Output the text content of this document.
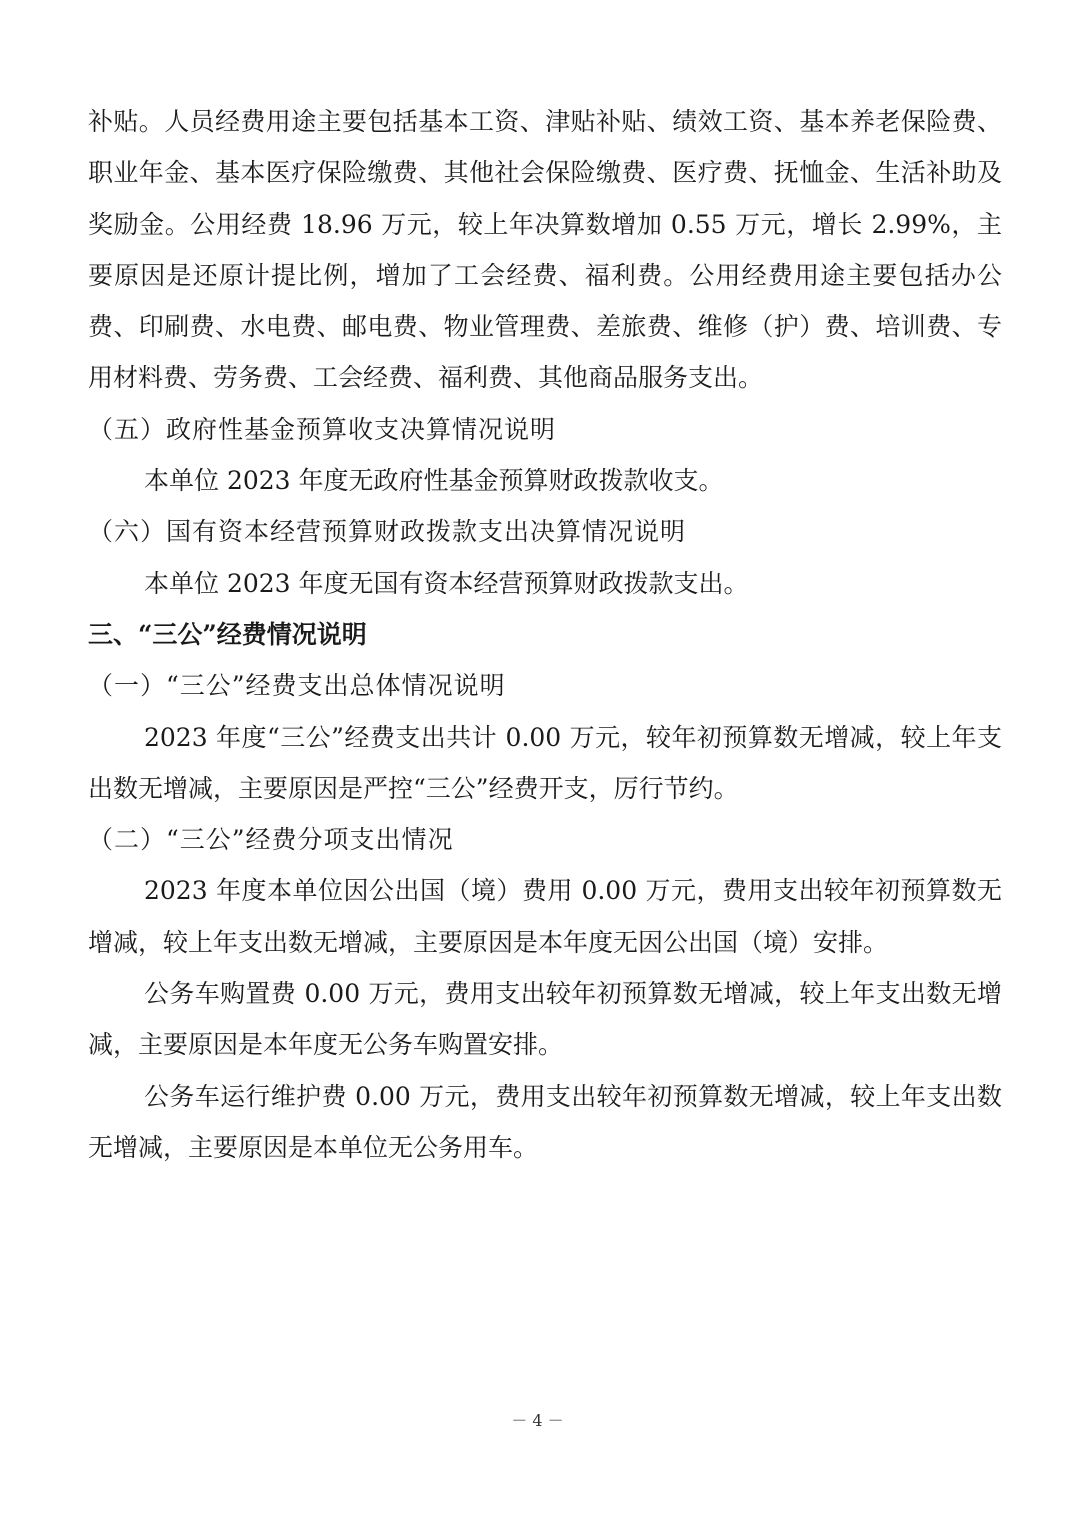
补贴。人员经费用途主要包括基本工资、津贴补贴、绩效工资、基本养老保险费、职业年金、基本医疗保险缴费、其他社会保险缴费、医疗费、抚恤金、生活补助及奖励金。公用经费 18.96 万元，较上年决算数增加 0.55 万元，增长 2.99%，主要原因是还原计提比例，增加了工会经费、福利费。公用经费用途主要包括办公费、印刷费、水电费、邮电费、物业管理费、差旅费、维修（护）费、培训费、专用材料费、劳务费、工会经费、福利费、其他商品服务支出。

（五）政府性基金预算收支决算情况说明

本单位 2023 年度无政府性基金预算财政拨款收支。

（六）国有资本经营预算财政拨款支出决算情况说明

本单位 2023 年度无国有资本经营预算财政拨款支出。

三、“三公”经费情况说明

（一）“三公”经费支出总体情况说明

2023 年度“三公”经费支出共计 0.00 万元，较年初预算数无增减，较上年支出数无增减，主要原因是严控“三公”经费开支，厉行节约。

（二）“三公”经费分项支出情况

2023 年度本单位因公出国（境）费用 0.00 万元，费用支出较年初预算数无增减，较上年支出数无增减，主要原因是本年度无因公出国（境）安排。

公务车购置费 0.00 万元，费用支出较年初预算数无增减，较上年支出数无增减，主要原因是本年度无公务车购置安排。

公务车运行维护费 0.00 万元，费用支出较年初预算数无增减，较上年支出数无增减，主要原因是本单位无公务用车。

－ 4 －
